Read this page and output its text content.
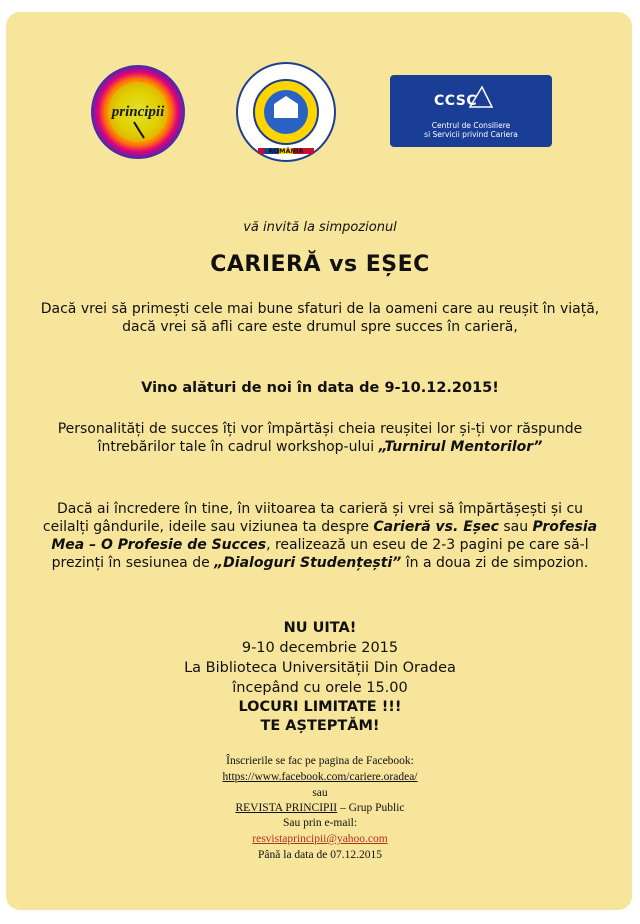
principii
ROMÂNIA
CCSC
Centrul de Consiliere
si Servicii privind Cariera
vă invită la simpozionul
CARIERĂ vs EȘEC
Dacă vrei să primești cele mai bune sfaturi de la oameni care au reușit în viață, dacă vrei să afli care este drumul spre succes în carieră,
Vino alături de noi în data de 9-10.12.2015!
Personalități de succes îți vor împărtăși cheia reușitei lor și-ți vor răspunde întrebărilor tale în cadrul workshop-ului „Turnirul Mentorilor”
Dacă ai încredere în tine, în viitoarea ta carieră și vrei să împărtășești și cu ceilalți gândurile, ideile sau viziunea ta despre Carieră vs. Eșec sau Profesia Mea – O Profesie de Succes, realizează un eseu de 2-3 pagini pe care să-l prezinți în sesiunea de „Dialoguri Studențești” în a doua zi de simpozion.
NU UITA!
9-10 decembrie 2015
La Biblioteca Universității Din Oradea
începând cu orele 15.00
LOCURI LIMITATE !!!
TE AȘTEPTĂM!
Înscrierile se fac pe pagina de Facebook:
https://www.facebook.com/cariere.oradea/
sau
REVISTA PRINCIPII – Grup Public
Sau prin e-mail:
resvistaprincipii@yahoo.com
Până la data de 07.12.2015
